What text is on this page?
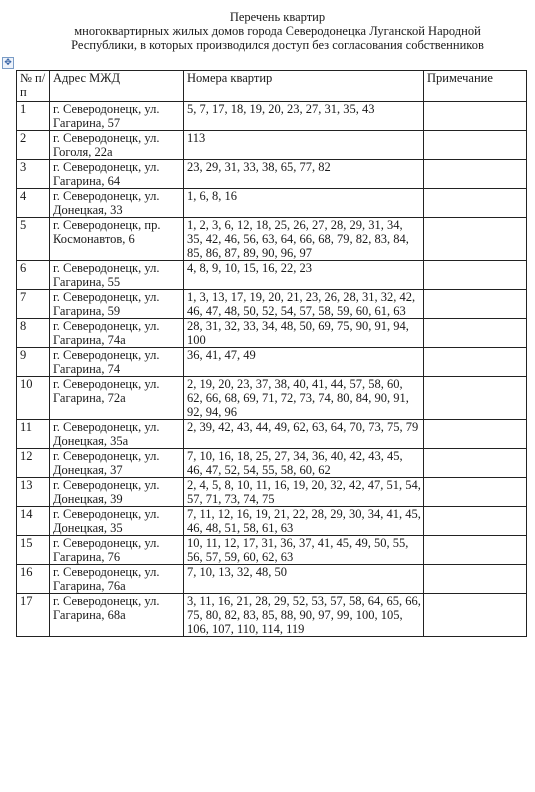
Перечень квартир
многоквартирных жилых домов города Северодонецка Луганской Народной
Республики, в которых производился доступ без согласования собственников
✥
№ п/п	Адрес МЖД	Номера квартир	Примечание
1	г. Северодонецк, ул. Гагарина, 57	5, 7, 17, 18, 19, 20, 23, 27, 31, 35, 43	
2	г. Северодонецк, ул. Гоголя, 22а	113	
3	г. Северодонецк, ул. Гагарина, 64	23, 29, 31, 33, 38, 65, 77, 82	
4	г. Северодонецк, ул. Донецкая, 33	1, 6, 8, 16	
5	г. Северодонецк, пр. Космонавтов, 6	1, 2, 3, 6, 12, 18, 25, 26, 27, 28, 29, 31, 34, 35, 42, 46, 56, 63, 64, 66, 68, 79, 82, 83, 84, 85, 86, 87, 89, 90, 96, 97	
6	г. Северодонецк, ул. Гагарина, 55	4, 8, 9, 10, 15, 16, 22, 23	
7	г. Северодонецк, ул. Гагарина, 59	1, 3, 13, 17, 19, 20, 21, 23, 26, 28, 31, 32, 42, 46, 47, 48, 50, 52, 54, 57, 58, 59, 60, 61, 63	
8	г. Северодонецк, ул. Гагарина, 74а	28, 31, 32, 33, 34, 48, 50, 69, 75, 90, 91, 94, 100	
9	г. Северодонецк, ул. Гагарина, 74	36, 41, 47, 49	
10	г. Северодонецк, ул. Гагарина, 72а	2, 19, 20, 23, 37, 38, 40, 41, 44, 57, 58, 60, 62, 66, 68, 69, 71, 72, 73, 74, 80, 84, 90, 91, 92, 94, 96	
11	г. Северодонецк, ул. Донецкая, 35а	2, 39, 42, 43, 44, 49, 62, 63, 64, 70, 73, 75, 79	
12	г. Северодонецк, ул. Донецкая, 37	7, 10, 16, 18, 25, 27, 34, 36, 40, 42, 43, 45, 46, 47, 52, 54, 55, 58, 60, 62	
13	г. Северодонецк, ул. Донецкая, 39	2, 4, 5, 8, 10, 11, 16, 19, 20, 32, 42, 47, 51, 54, 57, 71, 73, 74, 75	
14	г. Северодонецк, ул. Донецкая, 35	7, 11, 12, 16, 19, 21, 22, 28, 29, 30, 34, 41, 45, 46, 48, 51, 58, 61, 63	
15	г. Северодонецк, ул. Гагарина, 76	10, 11, 12, 17, 31, 36, 37, 41, 45, 49, 50, 55, 56, 57, 59, 60, 62, 63	
16	г. Северодонецк, ул. Гагарина, 76а	7, 10, 13, 32, 48, 50	
17	г. Северодонецк, ул. Гагарина, 68а	3, 11, 16, 21, 28, 29, 52, 53, 57, 58, 64, 65, 66, 75, 80, 82, 83, 85, 88, 90, 97, 99, 100, 105, 106, 107, 110, 114, 119	
